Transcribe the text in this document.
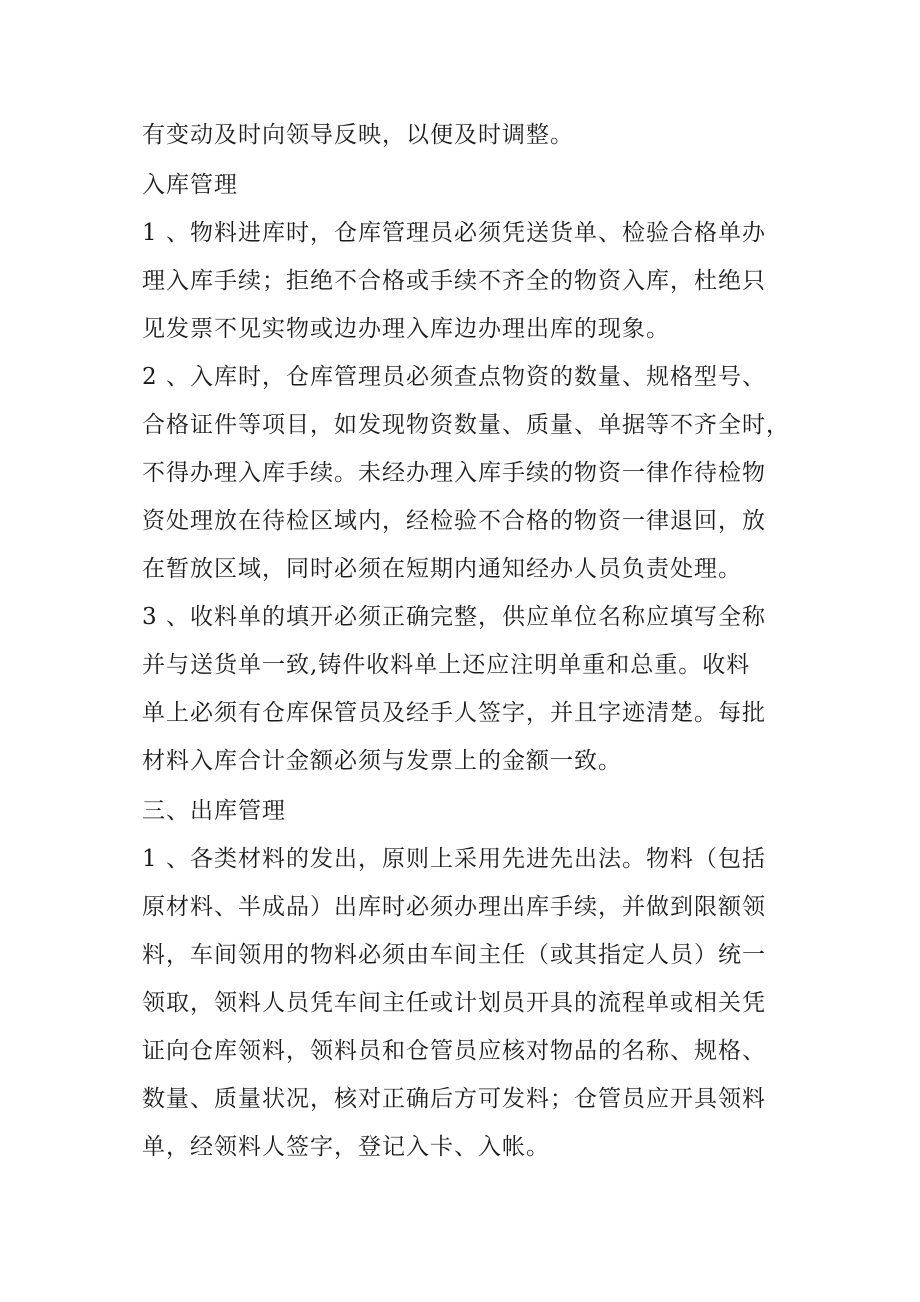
有变动及时向领导反映，以便及时调整。
入库管理
1 、物料进库时，仓库管理员必须凭送货单、检验合格单办
理入库手续；拒绝不合格或手续不齐全的物资入库，杜绝只
见发票不见实物或边办理入库边办理出库的现象。
2 、入库时，仓库管理员必须查点物资的数量、规格型号、
合格证件等项目，如发现物资数量、质量、单据等不齐全时，
不得办理入库手续。未经办理入库手续的物资一律作待检物
资处理放在待检区域内，经检验不合格的物资一律退回，放
在暂放区域，同时必须在短期内通知经办人员负责处理。
3 、收料单的填开必须正确完整，供应单位名称应填写全称
并与送货单一致,铸件收料单上还应注明单重和总重。收料
单上必须有仓库保管员及经手人签字，并且字迹清楚。每批
材料入库合计金额必须与发票上的金额一致。
三、出库管理
1 、各类材料的发出，原则上采用先进先出法。物料（包括
原材料、半成品）出库时必须办理出库手续，并做到限额领
料，车间领用的物料必须由车间主任（或其指定人员）统一
领取，领料人员凭车间主任或计划员开具的流程单或相关凭
证向仓库领料，领料员和仓管员应核对物品的名称、规格、
数量、质量状况，核对正确后方可发料；仓管员应开具领料
单，经领料人签字，登记入卡、入帐。
